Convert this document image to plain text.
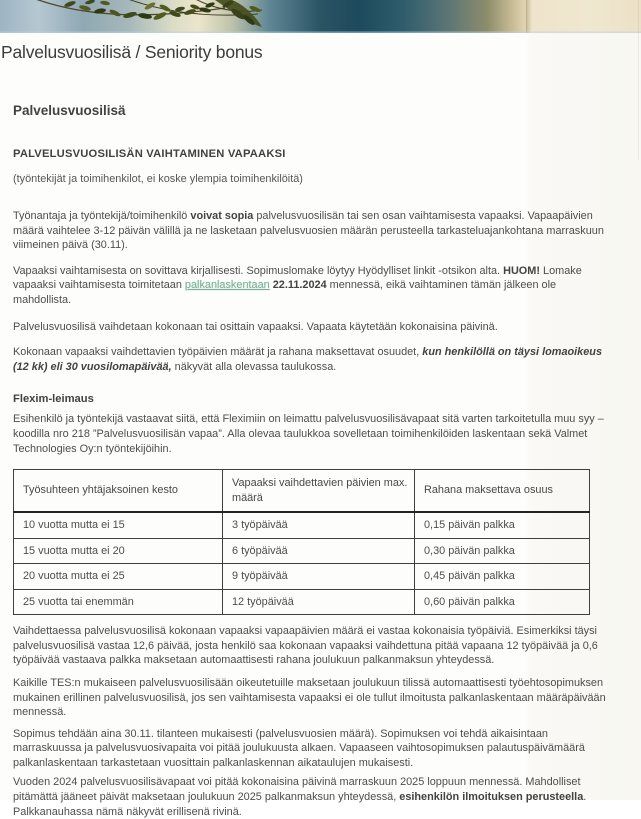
Palvelusvuosilisä / Seniority bonus
Palvelusvuosilisä
PALVELUSVUOSILISÄN VAIHTAMINEN VAPAAKSI

(työntekijät ja toimihenkilot, ei koske ylempia toimihenkilöitä)

Työnantaja ja työntekijä/toimihenkilö voivat sopia palvelusvuosilisän tai sen osan vaihtamisesta vapaaksi. Vapaapäivien määrä vaihtelee 3-12 päivän välillä ja ne lasketaan palvelusvuosien määrän perusteella tarkasteluajankohtana marraskuun viimeinen päivä (30.11).

Vapaaksi vaihtamisesta on sovittava kirjallisesti. Sopimuslomake löytyy Hyödylliset linkit -otsikon alta. HUOM! Lomake vapaaksi vaihtamisesta toimitetaan palkanlaskentaan 22.11.2024 mennessä, eikä vaihtaminen tämän jälkeen ole mahdollista.

Palvelusvuosilisä vaihdetaan kokonaan tai osittain vapaaksi. Vapaata käytetään kokonaisina päivinä.

Kokonaan vapaaksi vaihdettavien työpäivien määrät ja rahana maksettavat osuudet, kun henkilöllä on täysi lomaoikeus (12 kk) eli 30 vuosilomapäivää, näkyvät alla olevassa taulukossa.

Flexim-leimaus

Esihenkilö ja työntekijä vastaavat siitä, että Fleximiin on leimattu palvelusvuosilisävapaat sitä varten tarkoitetulla muu syy –koodilla nro 218 ”Palvelusvuosilisän vapaa”. Alla olevaa taulukkoa sovelletaan toimihenkilöiden laskentaan sekä Valmet Technologies Oy:n työntekijöihin.

Työsuhteen yhtäjaksoinen kesto	Vapaaksi vaihdettavien päivien max. määrä	Rahana maksettava osuus
10 vuotta mutta ei 15	3 työpäivää	0,15 päivän palkka
15 vuotta mutta ei 20	6 työpäivää	0,30 päivän palkka
20 vuotta mutta ei 25	9 työpäivää	0,45 päivän palkka
25 vuotta tai enemmän	12 työpäivää	0,60 päivän palkka

Vaihdettaessa palvelusvuosilisä kokonaan vapaaksi vapaapäivien määrä ei vastaa kokonaisia työpäiviä. Esimerkiksi täysi palvelusvuosilisä vastaa 12,6 päivää, josta henkilö saa kokonaan vapaaksi vaihdettuna pitää vapaana 12 työpäivää ja 0,6 työpäivää vastaava palkka maksetaan automaattisesti rahana joulukuun palkanmaksun yhteydessä.

Kaikille TES:n mukaiseen palvelusvuosilisään oikeutetuille maksetaan joulukuun tilissä automaattisesti työehtosopimuksen mukainen erillinen palvelusvuosilisä, jos sen vaihtamisesta vapaaksi ei ole tullut ilmoitusta palkanlaskentaan määräpäivään mennessä.

Sopimus tehdään aina 30.11. tilanteen mukaisesti (palvelusvuosien määrä). Sopimuksen voi tehdä aikaisintaan marraskuussa ja palvelusvuosivapaita voi pitää joulukuusta alkaen. Vapaaseen vaihtosopimuksen palautuspäivämäärä palkanlaskentaan tarkastetaan vuosittain palkanlaskennan aikataulujen mukaisesti.

Vuoden 2024 palvelusvuosilisävapaat voi pitää kokonaisina päivinä marraskuun 2025 loppuun mennessä. Mahdolliset pitämättä jääneet päivät maksetaan joulukuun 2025 palkanmaksun yhteydessä, esihenkilön ilmoituksen perusteella. Palkkanauhassa nämä näkyvät erillisenä rivinä.
